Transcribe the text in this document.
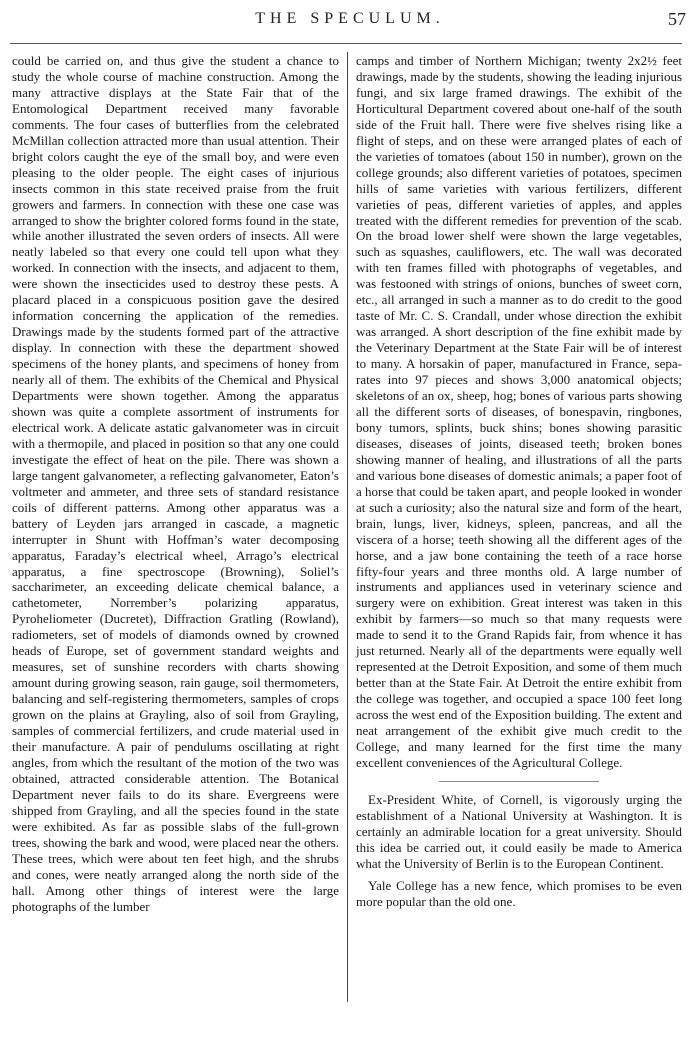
THE SPECULUM.	57

could be carried on, and thus give the student a chance to study the whole course of machine construction. Among the many attractive displays at the State Fair that of the Entomological Department received many favorable comments. The four cases of butterflies from the celebrated McMillan collection attracted more than usual attention. Their bright colors caught the eye of the small boy, and were even pleasing to the older people. The eight cases of injurious insects common in this state received praise from the fruit growers and farmers. In connection with these one case was arranged to show the brighter colored forms found in the state, while another illustrated the seven orders of insects. All were neatly labeled so that every one could tell upon what they worked. In connection with the insects, and adjacent to them, were shown the insecticides used to destroy these pests. A placard placed in a conspicuous position gave the desired information concerning the application of the remedies. Drawings made by the students formed part of the attractive display. In connection with these the department showed specimens of the honey plants, and specimens of honey from nearly all of them. The exhibits of the Chemical and Physical Departments were shown together. Among the apparatus shown was quite a complete assortment of instruments for electrical work. A delicate astatic galvanometer was in circuit with a thermopile, and placed in position so that any one could investigate the effect of heat on the pile. There was shown a large tangent galvanometer, a reflecting galvanometer, Eaton’s voltmeter and ammeter, and three sets of standard resistance coils of different patterns. Among other apparatus was a battery of Leyden jars arranged in cascade, a magnetic interrupter in Shunt with Hoffman’s water decomposing apparatus, Faraday’s electrical wheel, Arrago’s electrical apparatus, a fine spectroscope (Browning), Soliel’s saccharimeter, an exceeding delicate chemical balance, a cathetometer, Norrember’s polarizing apparatus, Pyroheliometer (Ducretet), Diffraction Gratling (Rowland), radiometers, set of models of diamonds owned by crowned heads of Europe, set of government standard weights and measures, set of sunshine recorders with charts showing amount during growing season, rain gauge, soil thermometers, balancing and self-registering thermometers, samples of crops grown on the plains at Grayling, also of soil from Grayling, samples of commercial fertilizers, and crude material used in their manufacture. A pair of pendulums oscillating at right angles, from which the resultant of the motion of the two was obtained, attracted considerable attention. The Botanical Department never fails to do its share. Evergreens were shipped from Grayling, and all the species found in the state were exhibited. As far as possible slabs of the full-grown trees, showing the bark and wood, were placed near the others. These trees, which were about ten feet high, and the shrubs and cones, were neatly arranged along the north side of the hall. Among other things of interest were the large photographs of the lumber

camps and timber of Northern Michigan; twenty 2x2½ feet drawings, made by the students, showing the leading injurious fungi, and six large framed drawings. The exhibit of the Horticultural Department covered about one-half of the south side of the Fruit hall. There were five shelves rising like a flight of steps, and on these were arranged plates of each of the varieties of tomatoes (about 150 in number), grown on the college grounds; also different varieties of potatoes, specimen hills of same varieties with various fertilizers, different varieties of peas, different varieties of apples, and apples treated with the different remedies for prevention of the scab. On the broad lower shelf were shown the large vegetables, such as squashes, cauliflowers, etc. The wall was decorated with ten frames filled with photographs of vegetables, and was festooned with strings of onions, bunches of sweet corn, etc., all arranged in such a manner as to do credit to the good taste of Mr. C. S. Crandall, under whose direction the exhibit was arranged. A short description of the fine exhibit made by the Veterinary Department at the State Fair will be of interest to many. A horsakin of paper, manufactured in France, separates into 97 pieces and shows 3,000 anatomical objects; skeletons of an ox, sheep, hog; bones of various parts showing all the different sorts of diseases, of bonespavin, ringbones, bony tumors, splints, buck shins; bones showing parasitic diseases, diseases of joints, diseased teeth; broken bones showing manner of healing, and illustrations of all the parts and various bone diseases of domestic animals; a paper foot of a horse that could be taken apart, and people looked in wonder at such a curiosity; also the natural size and form of the heart, brain, lungs, liver, kidneys, spleen, pancreas, and all the viscera of a horse; teeth showing all the different ages of the horse, and a jaw bone containing the teeth of a race horse fifty-four years and three months old. A large number of instruments and appliances used in veterinary science and surgery were on exhibition. Great interest was taken in this exhibit by farmers—so much so that many requests were made to send it to the Grand Rapids fair, from whence it has just returned. Nearly all of the departments were equally well represented at the Detroit Exposition, and some of them much better than at the State Fair. At Detroit the entire exhibit from the college was together, and occupied a space 100 feet long across the west end of the Exposition building. The extent and neat arrangement of the exhibit give much credit to the College, and many learned for the first time the many excellent conveniences of the Agricultural College.

Ex-President White, of Cornell, is vigorously urging the establishment of a National University at Washington. It is certainly an admirable location for a great university. Should this idea be carried out, it could easily be made to America what the University of Berlin is to the European Continent.

Yale College has a new fence, which promises to be even more popular than the old one.
